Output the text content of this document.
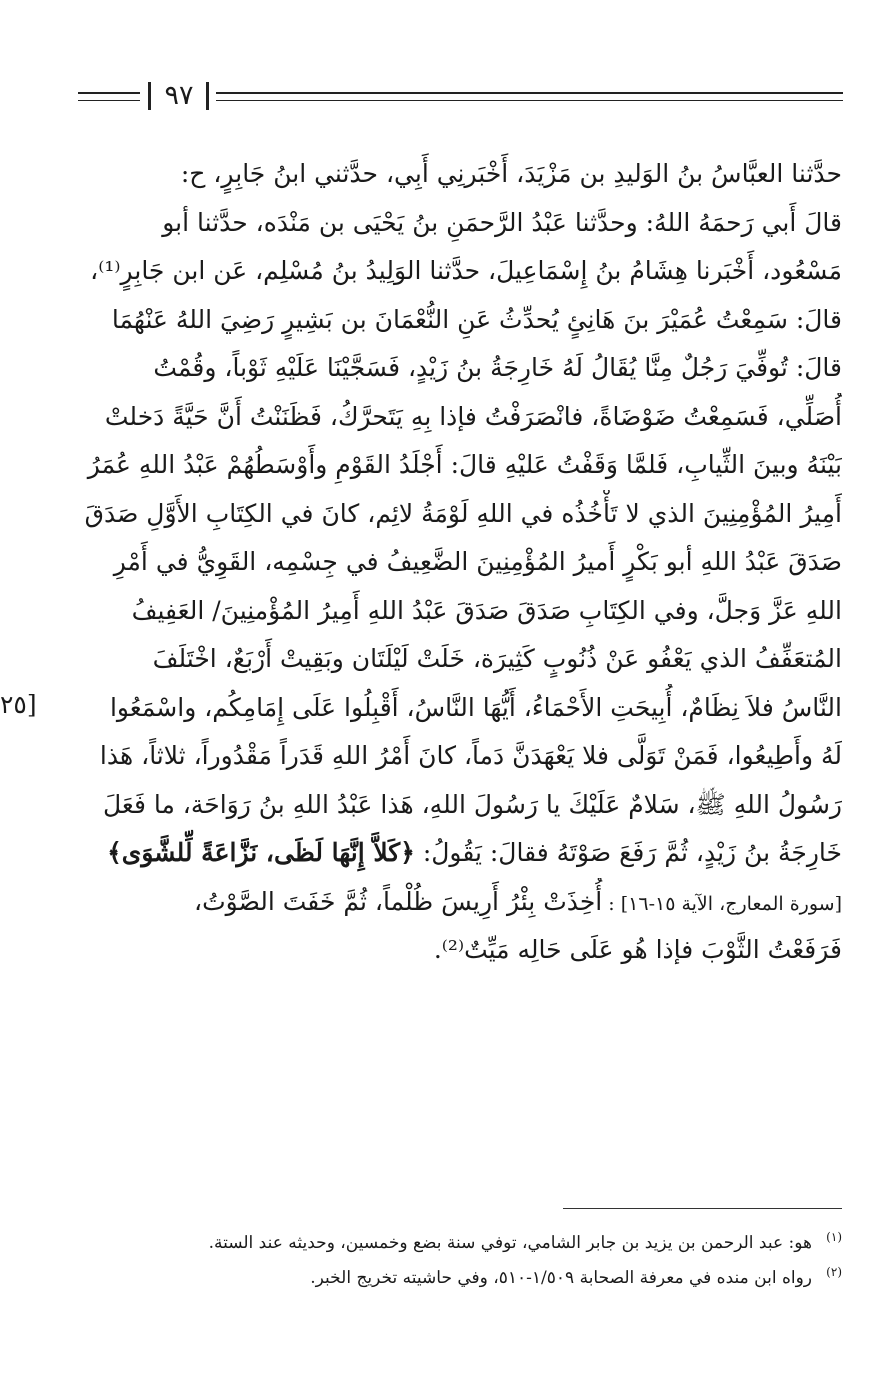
٩٧
[٢٥
حدَّثنا العبَّاسُ بنُ الوَليدِ بن مَزْيَدَ، أَخْبَرنِي أَبِي، حدَّثني ابنُ جَابِرٍ، ح:
قالَ أَبي رَحمَهُ اللهُ: وحدَّثنا عَبْدُ الرَّحمَنِ بنُ يَحْيَى بن مَنْدَه، حدَّثنا أبو
مَسْعُود، أَخْبَرنا هِشَامُ بنُ إِسْمَاعِيلَ، حدَّثنا الوَلِيدُ بنُ مُسْلِم، عَن ابن جَابِرٍ⁽¹⁾،
قالَ: سَمِعْتُ عُمَيْرَ بنَ هَانِئٍ يُحدِّثُ عَنِ النُّعْمَانَ بن بَشِيرٍ رَضِيَ اللهُ عَنْهُمَا
قالَ: تُوفِّيَ رَجُلٌ مِنَّا يُقَالُ لَهُ خَارِجَةُ بنُ زَيْدٍ، فَسَجَّيْنَا عَلَيْهِ ثَوْباً، وقُمْتُ
أُصَلِّي، فَسَمِعْتُ ضَوْضَاةً، فانْصَرَفْتُ فإذا بِهِ يَتَحرَّكُ، فَظَنَنْتُ أَنَّ حَيَّةً دَخلتْ
بَيْنَهُ وبينَ الثِّيابِ، فَلمَّا وَقَفْتُ عَليْهِ قالَ: أَجْلَدُ القَوْمِ وأَوْسَطُهُمْ عَبْدُ اللهِ عُمَرُ
أَمِيرُ المُؤْمِنِينَ الذي لا تَأْخُذُه في اللهِ لَوْمَةُ لائِم، كانَ في الكِتَابِ الأَوَّلِ صَدَقَ
صَدَقَ عَبْدُ اللهِ أبو بَكْرٍ أَميرُ المُؤْمِنِينَ الضَّعِيفُ في جِسْمِه، القَوِيُّ في أَمْرِ
اللهِ عَزَّ وَجلَّ، وفي الكِتَابِ صَدَقَ صَدَقَ عَبْدُ اللهِ أَمِيرُ المُؤْمنِينَ/ العَفِيفُ
المُتعَفِّفُ الذي يَعْفُو عَنْ ذُنُوبٍ كَثِيرَة، خَلَتْ لَيْلَتَان وبَقِيتْ أَرْبَعٌ، اخْتَلَفَ
النَّاسُ فلاَ نِظَامٌ، أُبِيحَتِ الأَحْمَاءُ، أَيُّهَا النَّاسُ، أَقْبِلُوا عَلَى إِمَامِكُم، واسْمَعُوا
لَهُ وأَطِيعُوا، فَمَنْ تَوَلَّى فلا يَعْهَدَنَّ دَماً، كانَ أَمْرُ اللهِ قَدَراً مَقْدُوراً، ثلاثاً، هَذا
رَسُولُ اللهِ ﷺ، سَلامٌ عَلَيْكَ يا رَسُولَ اللهِ، هَذا عَبْدُ اللهِ بنُ رَوَاحَة، ما فَعَلَ
خَارِجَةُ بنُ زَيْدٍ، ثُمَّ رَفَعَ صَوْتَهُ فقالَ: يَقُولُ: ﴿كَلاَّ إِنَّهَا لَظَى، نَزَّاعَةً لِّلشَّوَى﴾
[سورة المعارج، الآية ١٥-١٦] : أُخِذَتْ بِئْرُ أَرِيسَ ظُلْماً، ثُمَّ خَفَتَ الصَّوْتُ،
فَرَفَعْتُ الثَّوْبَ فإذا هُو عَلَى حَالِه مَيِّتٌ⁽²⁾.
(١)هو: عبد الرحمن بن يزيد بن جابر الشامي، توفي سنة بضع وخمسين، وحديثه عند الستة.
(٢)رواه ابن منده في معرفة الصحابة ١/٥٠٩-٥١٠، وفي حاشيته تخريج الخبر.
